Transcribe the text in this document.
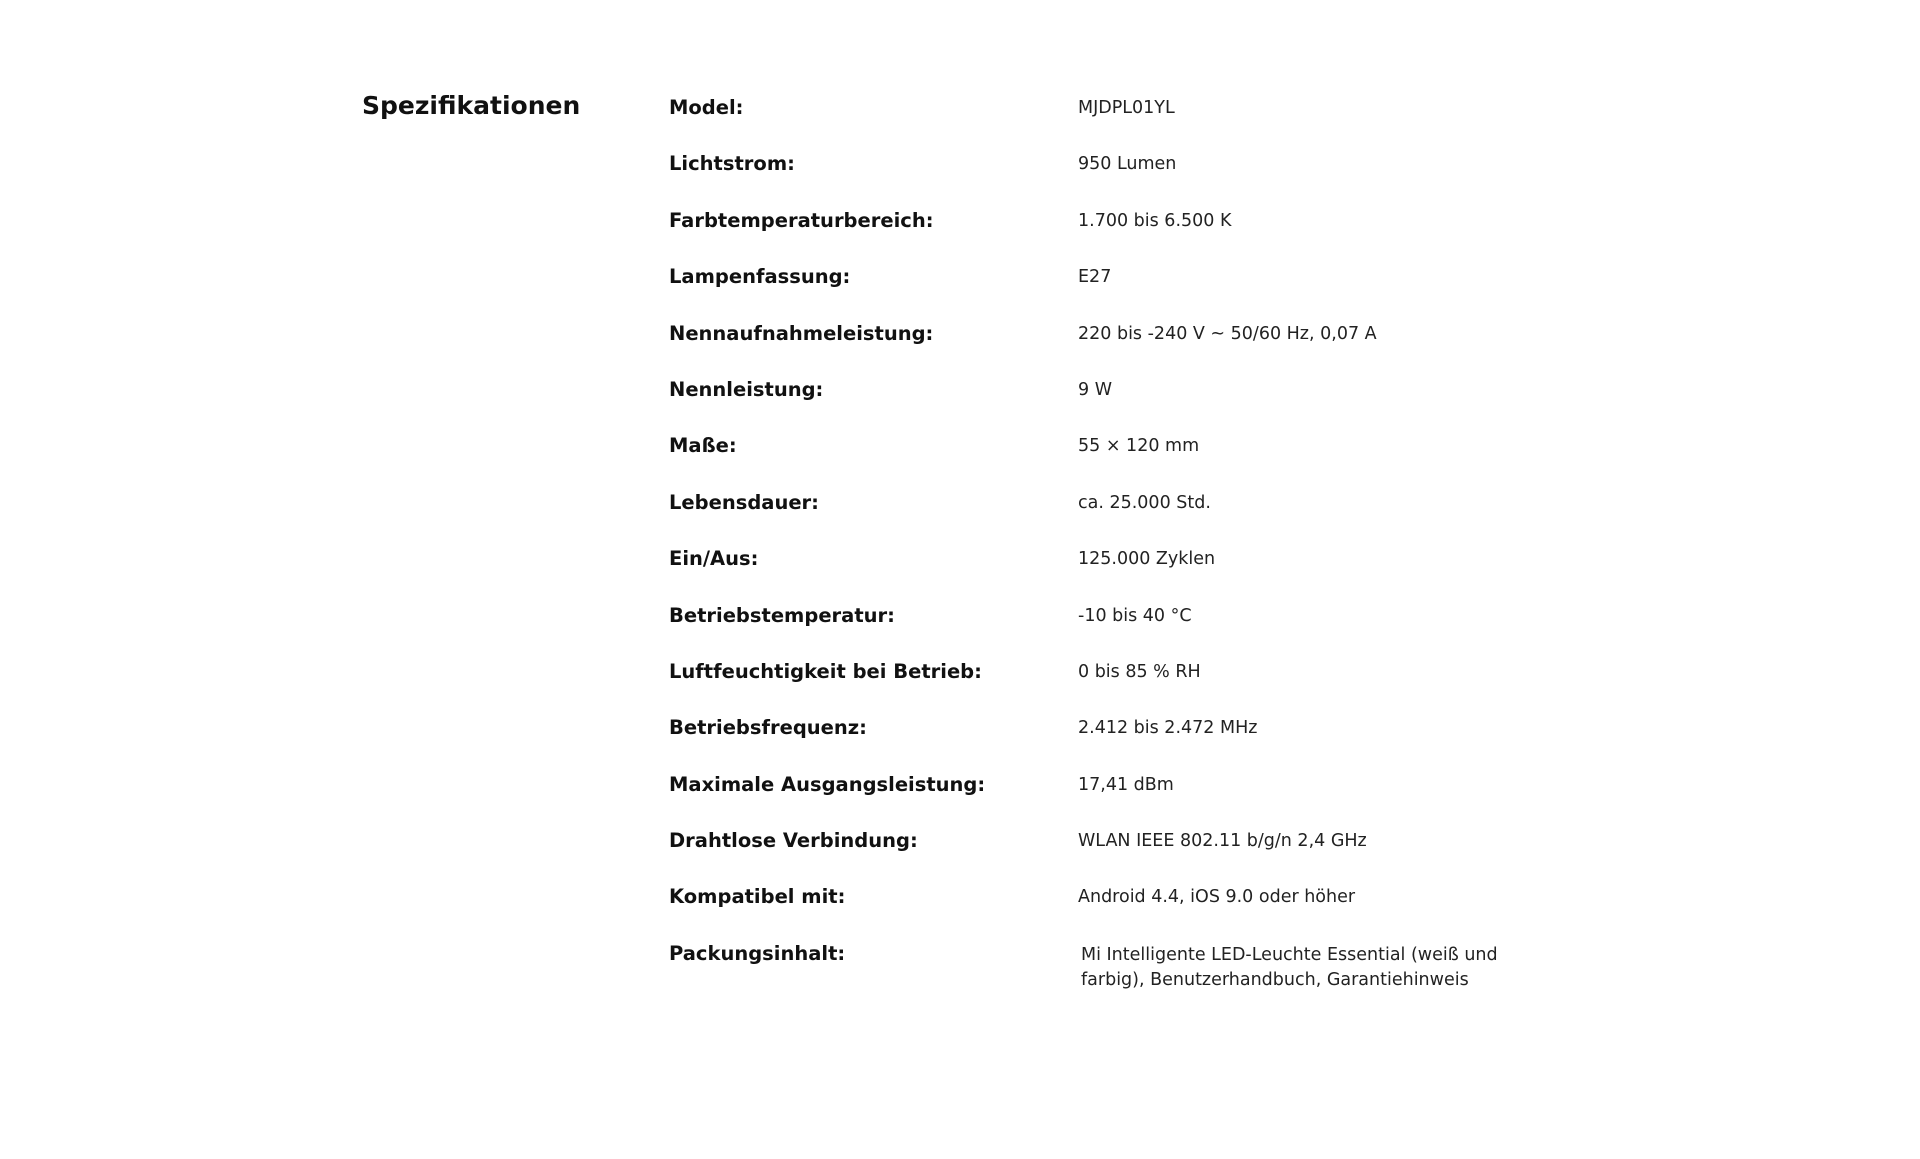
Spezifikationen	Model:	MJDPL01YL

Lichtstrom:	950 Lumen

Farbtemperaturbereich:	1.700 bis 6.500 K

Lampenfassung:	E27

Nennaufnahmeleistung:	220 bis -240 V ~ 50/60 Hz, 0,07 A

Nennleistung:	9 W

Maße:	55 × 120 mm

Lebensdauer:	ca. 25.000 Std.

Ein/Aus:	125.000 Zyklen

Betriebstemperatur:	-10 bis 40 °C

Luftfeuchtigkeit bei Betrieb:	0 bis 85 % RH

Betriebsfrequenz:	2.412 bis 2.472 MHz

Maximale Ausgangsleistung:	17,41 dBm

Drahtlose Verbindung:	WLAN IEEE 802.11 b/g/n 2,4 GHz

Kompatibel mit:	Android 4.4, iOS 9.0 oder höher

Packungsinhalt:	Mi Intelligente LED-Leuchte Essential (weiß und farbig), Benutzerhandbuch, Garantiehinweis
